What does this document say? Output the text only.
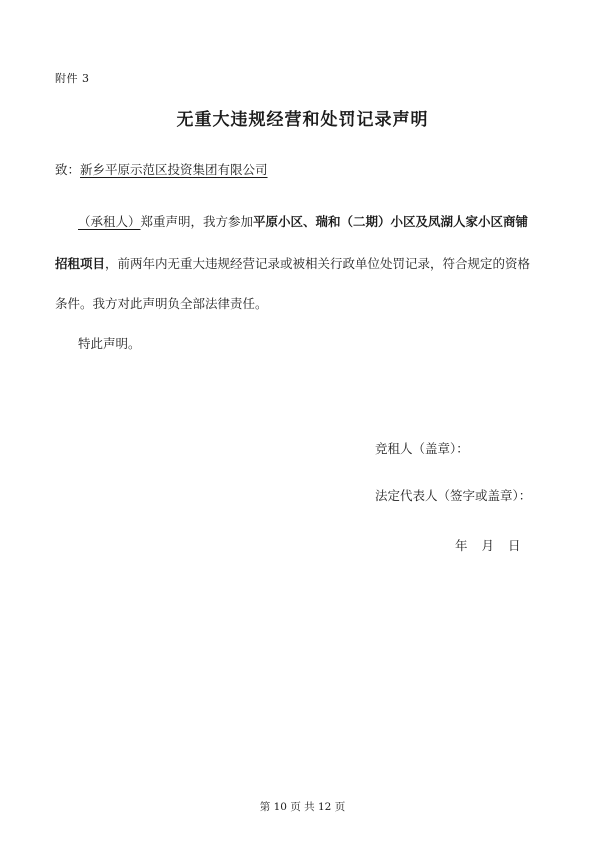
附件 3
无重大违规经营和处罚记录声明
致：新乡平原示范区投资集团有限公司
（承租人）郑重声明，我方参加平原小区、瑞和（二期）小区及凤湖人家小区商铺
招租项目，前两年内无重大违规经营记录或被相关行政单位处罚记录，符合规定的资格
条件。我方对此声明负全部法律责任。
特此声明。
竞租人（盖章）：
法定代表人（签字或盖章）：
年 月 日
第 10 页 共 12 页
